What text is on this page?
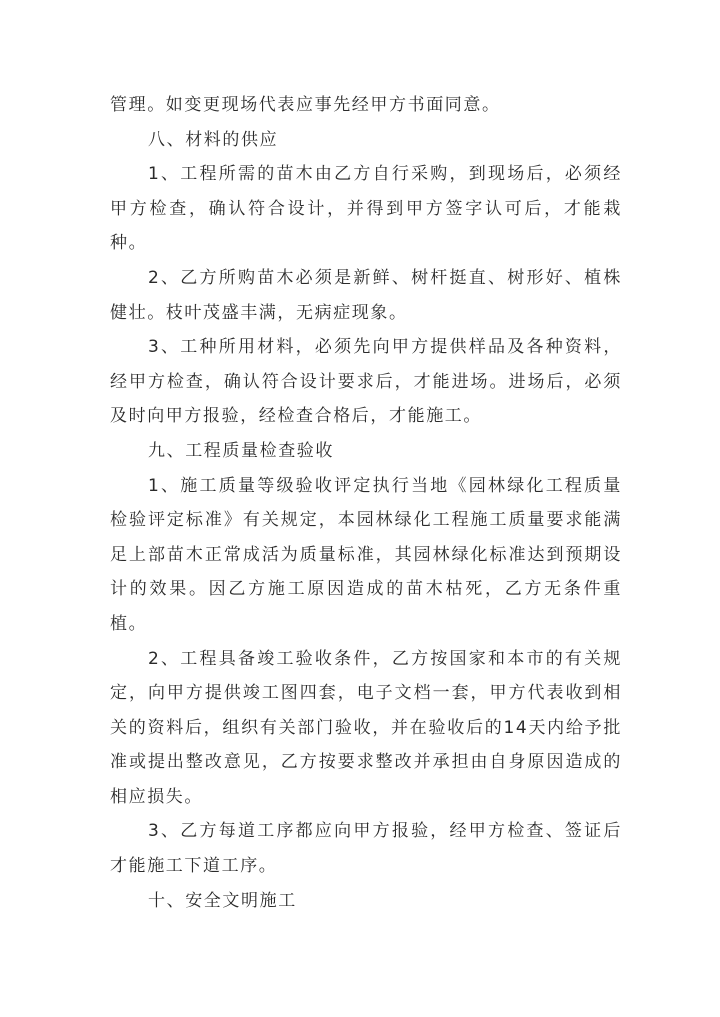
管理。如变更现场代表应事先经甲方书面同意。

八、材料的供应

1、工程所需的苗木由乙方自行采购，到现场后，必须经甲方检查，确认符合设计，并得到甲方签字认可后，才能栽种。

2、乙方所购苗木必须是新鲜、树杆挺直、树形好、植株健壮。枝叶茂盛丰满，无病症现象。

3、工种所用材料，必须先向甲方提供样品及各种资料，经甲方检查，确认符合设计要求后，才能进场。进场后，必须及时向甲方报验，经检查合格后，才能施工。

九、工程质量检查验收

1、施工质量等级验收评定执行当地《园林绿化工程质量检验评定标准》有关规定，本园林绿化工程施工质量要求能满足上部苗木正常成活为质量标准，其园林绿化标准达到预期设计的效果。因乙方施工原因造成的苗木枯死，乙方无条件重植。

2、工程具备竣工验收条件，乙方按国家和本市的有关规定，向甲方提供竣工图四套，电子文档一套，甲方代表收到相关的资料后，组织有关部门验收，并在验收后的14天内给予批准或提出整改意见，乙方按要求整改并承担由自身原因造成的相应损失。

3、乙方每道工序都应向甲方报验，经甲方检查、签证后才能施工下道工序。

十、安全文明施工
